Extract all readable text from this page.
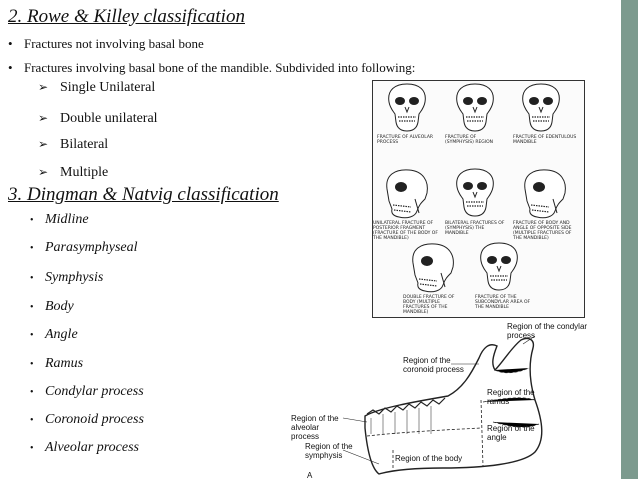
2. Rowe & Killey classification
• Fractures not involving basal bone
• Fractures involving basal bone of the mandible. Subdivided into following:
➢ Single Unilateral
➢ Double unilateral
➢ Bilateral
➢ Multiple
3. Dingman & Natvig classification
• Midline
• Parasymphyseal
• Symphysis
• Body
• Angle
• Ramus
• Condylar process
• Coronoid process
• Alveolar process
FRACTURE OF ALVEOLAR PROCESS
FRACTURE OF (SYMPHYSIS) REGION
FRACTURE OF EDENTULOUS MANDIBLE
UNILATERAL FRACTURE OF POSTERIOR FRAGMENT (FRACTURE OF THE BODY OF THE MANDIBLE)
BILATERAL FRACTURES OF (SYMPHYSIS) THE MANDIBLE
FRACTURE OF BODY AND ANGLE OF OPPOSITE SIDE (MULTIPLE FRACTURES OF THE MANDIBLE)
DOUBLE FRACTURE OF BODY (MULTIPLE FRACTURES OF THE MANDIBLE)
FRACTURE OF THE SUBCONDYLAR AREA OF THE MANDIBLE
Region of the condylar process
Region of the coronoid process
Region of the ramus
Region of the alveolar process
Region of the angle
Region of the symphysis	Region of the body
A
